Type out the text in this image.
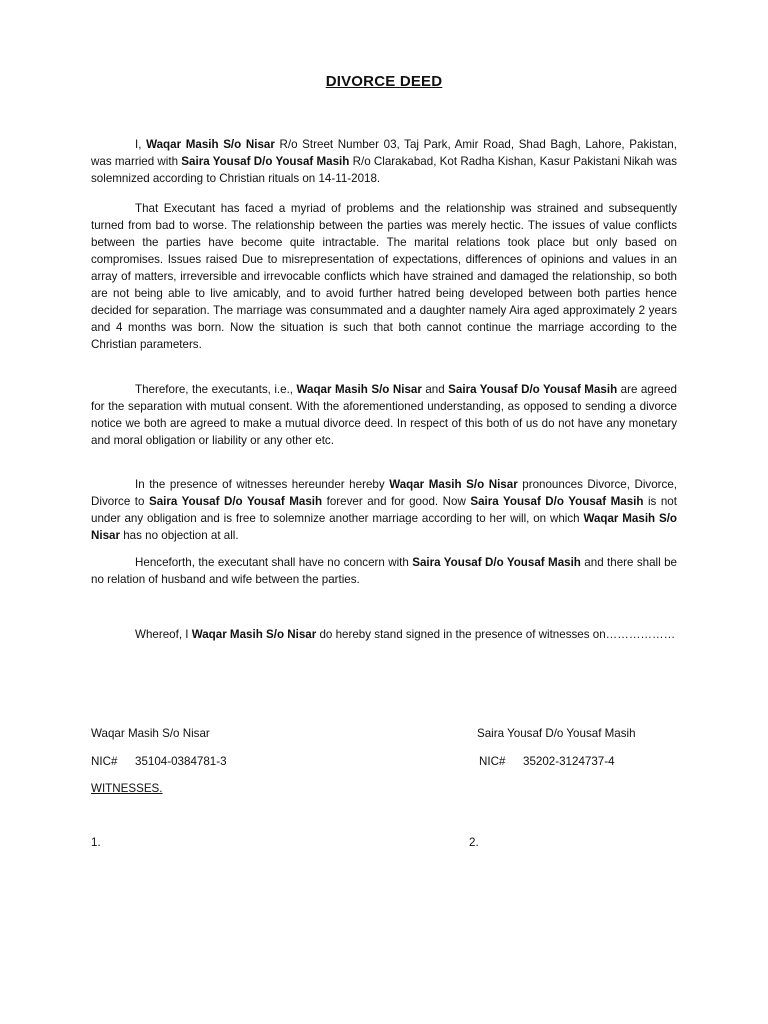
DIVORCE DEED

I, Waqar Masih S/o Nisar R/o Street Number 03, Taj Park, Amir Road, Shad Bagh, Lahore, Pakistan, was married with Saira Yousaf D/o Yousaf Masih R/o Clarakabad, Kot Radha Kishan, Kasur Pakistani Nikah was solemnized according to Christian rituals on 14-11-2018.

That Executant has faced a myriad of problems and the relationship was strained and subsequently turned from bad to worse. The relationship between the parties was merely hectic. The issues of value conflicts between the parties have become quite intractable. The marital relations took place but only based on compromises. Issues raised Due to misrepresentation of expectations, differences of opinions and values in an array of matters, irreversible and irrevocable conflicts which have strained and damaged the relationship, so both are not being able to live amicably, and to avoid further hatred being developed between both parties hence decided for separation. The marriage was consummated and a daughter namely Aira aged approximately 2 years and 4 months was born. Now the situation is such that both cannot continue the marriage according to the Christian parameters.

Therefore, the executants, i.e., Waqar Masih S/o Nisar and Saira Yousaf D/o Yousaf Masih are agreed for the separation with mutual consent. With the aforementioned understanding, as opposed to sending a divorce notice we both are agreed to make a mutual divorce deed. In respect of this both of us do not have any monetary and moral obligation or liability or any other etc.

In the presence of witnesses hereunder hereby Waqar Masih S/o Nisar pronounces Divorce, Divorce, Divorce to Saira Yousaf D/o Yousaf Masih forever and for good. Now Saira Yousaf D/o Yousaf Masih is not under any obligation and is free to solemnize another marriage according to her will, on which Waqar Masih S/o Nisar has no objection at all.

Henceforth, the executant shall have no concern with Saira Yousaf D/o Yousaf Masih and there shall be no relation of husband and wife between the parties.

Whereof, I Waqar Masih S/o Nisar do hereby stand signed in the presence of witnesses on………………

Waqar Masih S/o Nisar	Saira Yousaf D/o Yousaf Masih
NIC# 35104-0384781-3	NIC# 35202-3124737-4
WITNESSES.
1.	2.
